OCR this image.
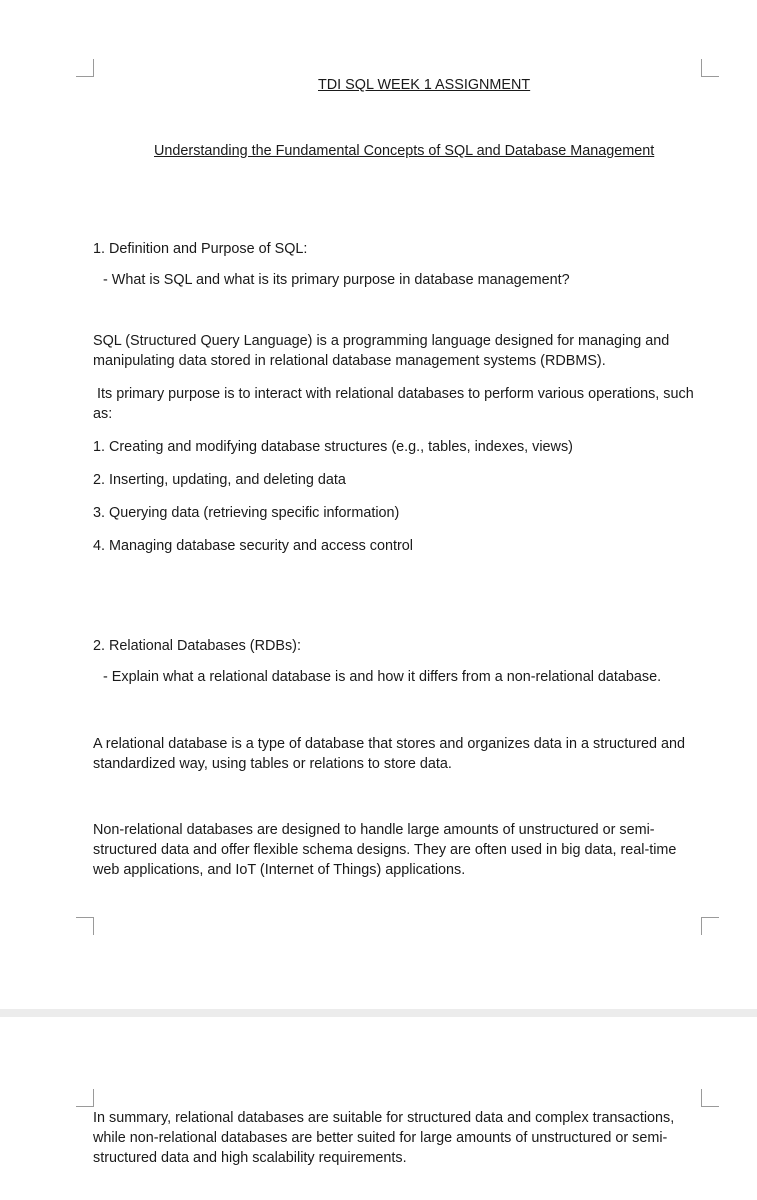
TDI SQL WEEK 1 ASSIGNMENT
Understanding the Fundamental Concepts of SQL and Database Management
1. Definition and Purpose of SQL:
- What is SQL and what is its primary purpose in database management?
SQL (Structured Query Language) is a programming language designed for managing and manipulating data stored in relational database management systems (RDBMS).
Its primary purpose is to interact with relational databases to perform various operations, such as:
1. Creating and modifying database structures (e.g., tables, indexes, views)
2. Inserting, updating, and deleting data
3. Querying data (retrieving specific information)
4. Managing database security and access control
2. Relational Databases (RDBs):
- Explain what a relational database is and how it differs from a non-relational database.
A relational database is a type of database that stores and organizes data in a structured and standardized way, using tables or relations to store data.
Non-relational databases are designed to handle large amounts of unstructured or semi-structured data and offer flexible schema designs. They are often used in big data, real-time web applications, and IoT (Internet of Things) applications.
In summary, relational databases are suitable for structured data and complex transactions, while non-relational databases are better suited for large amounts of unstructured or semi-structured data and high scalability requirements.
